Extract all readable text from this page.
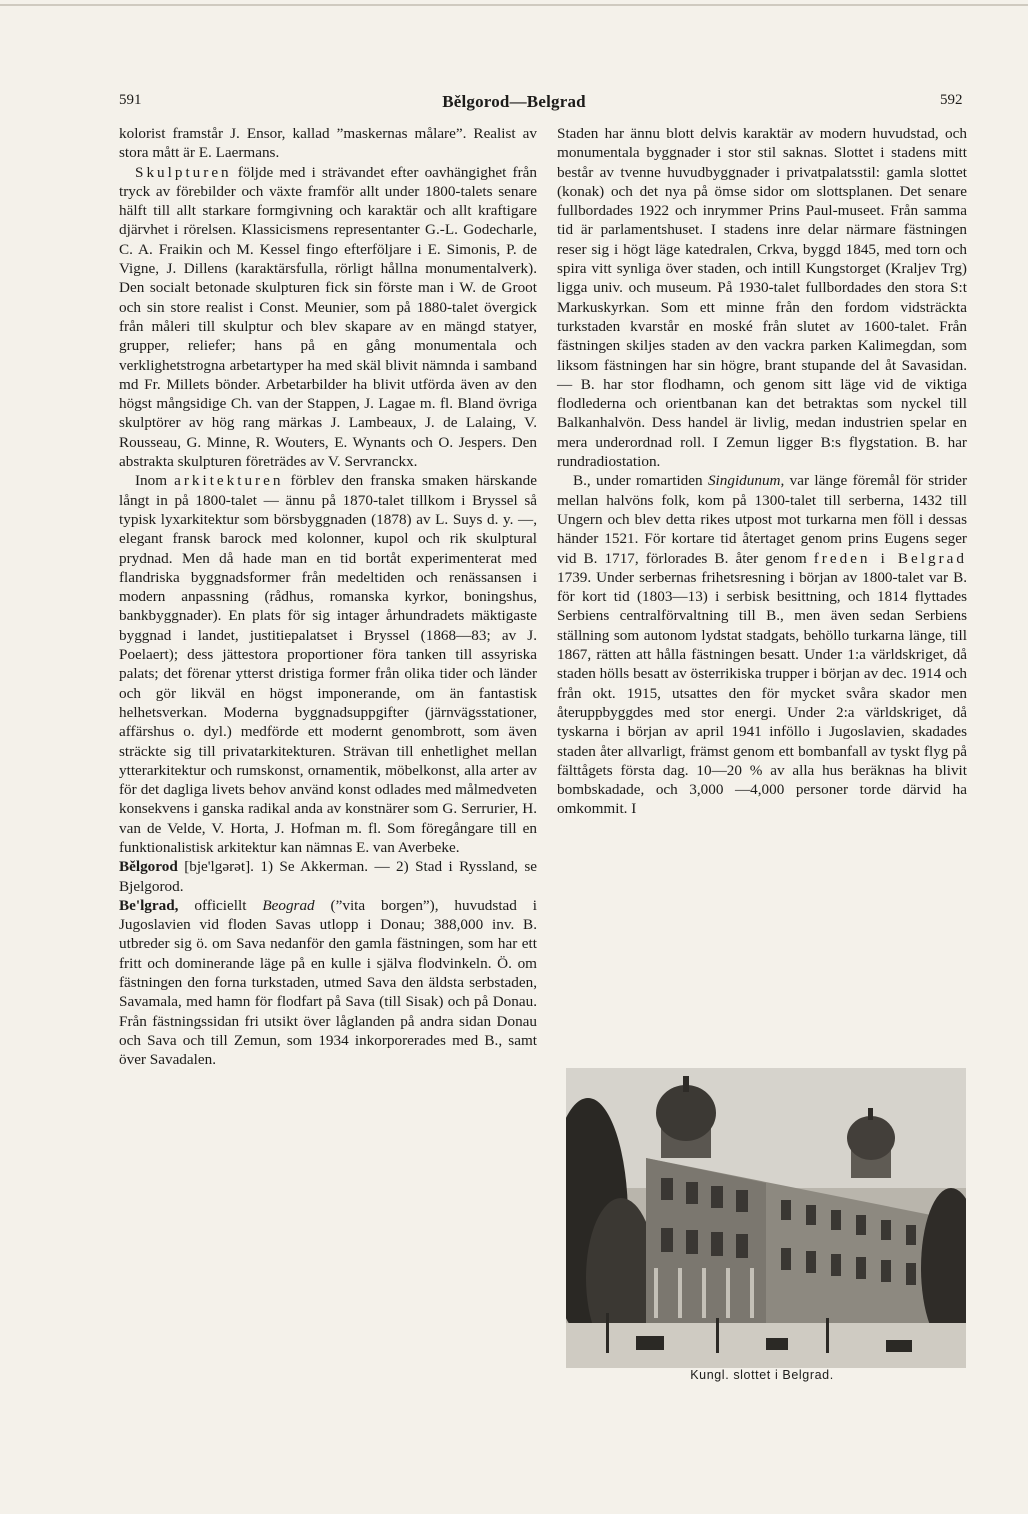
591	Bělgorod—Belgrad	592

kolorist framstår J. Ensor, kallad ”maskernas målare”. Realist av stora mått är E. Laermans.

Skulpturen följde med i strävandet efter oavhängighet från tryck av förebilder och växte framför allt under 1800-talets senare hälft till allt starkare formgivning och karaktär och allt kraftigare djärvhet i rörelsen. Klassicismens representanter G.-L. Godecharle, C. A. Fraikin och M. Kessel fingo efterföljare i E. Simonis, P. de Vigne, J. Dillens (karaktärsfulla, rörligt hållna monumentalverk). Den socialt betonade skulpturen fick sin förste man i W. de Groot och sin store realist i Const. Meunier, som på 1880-talet övergick från måleri till skulptur och blev skapare av en mängd statyer, grupper, reliefer; hans på en gång monumentala och verklighetstrogna arbetartyper ha med skäl blivit nämnda i samband md Fr. Millets bönder. Arbetarbilder ha blivit utförda även av den högst mångsidige Ch. van der Stappen, J. Lagae m. fl. Bland övriga skulptörer av hög rang märkas J. Lambeaux, J. de Lalaing, V. Rousseau, G. Minne, R. Wouters, E. Wynants och O. Jespers. Den abstrakta skulpturen företrädes av V. Servranckx.

Inom arkitekturen förblev den franska smaken härskande långt in på 1800-talet — ännu på 1870-talet tillkom i Bryssel så typisk lyxarkitektur som börsbyggnaden (1878) av L. Suys d. y. —, elegant fransk barock med kolonner, kupol och rik skulptural prydnad. Men då hade man en tid bortåt experimenterat med flandriska byggnadsformer från medeltiden och renässansen i modern anpassning (rådhus, romanska kyrkor, boningshus, bankbyggnader). En plats för sig intager århundradets mäktigaste byggnad i landet, justitiepalatset i Bryssel (1868—83; av J. Poelaert); dess jättestora proportioner föra tanken till assyriska palats; det förenar ytterst dristiga former från olika tider och länder och gör likväl en högst imponerande, om än fantastisk helhetsverkan. Moderna byggnadsuppgifter (järnvägsstationer, affärshus o. dyl.) medförde ett modernt genombrott, som även sträckte sig till privatarkitekturen. Strävan till enhetlighet mellan ytterarkitektur och rumskonst, ornamentik, möbelkonst, alla arter av för det dagliga livets behov använd konst odlades med målmedveten konsekvens i ganska radikal anda av konstnärer som G. Serrurier, H. van de Velde, V. Horta, J. Hofman m. fl. Som föregångare till en funktionalistisk arkitektur kan nämnas E. van Averbeke.

Bělgorod [bje'lgərət]. 1) Se Akkerman. — 2) Stad i Ryssland, se Bjelgorod.

Be'lgrad, officiellt Beograd (”vita borgen”), huvudstad i Jugoslavien vid floden Savas utlopp i Donau; 388,000 inv. B. utbreder sig ö. om Sava nedanför den gamla fästningen, som har ett fritt och dominerande läge på en kulle i själva flodvinkeln. Ö. om fästningen den forna turkstaden, utmed Sava den äldsta serbstaden, Savamala, med hamn för flodfart på Sava (till Sisak) och på Donau. Från fästningssidan fri utsikt över låglanden på andra sidan Donau och Sava och till Zemun, som 1934 inkorporerades med B., samt över Savadalen.

Staden har ännu blott delvis karaktär av modern huvudstad, och monumentala byggnader i stor stil saknas. Slottet i stadens mitt består av tvenne huvudbyggnader i privatpalatsstil: gamla slottet (konak) och det nya på ömse sidor om slottsplanen. Det senare fullbordades 1922 och inrymmer Prins Paul-museet. Från samma tid är parlamentshuset. I stadens inre delar närmare fästningen reser sig i högt läge katedralen, Crkva, byggd 1845, med torn och spira vitt synliga över staden, och intill Kungstorget (Kraljev Trg) ligga univ. och museum. På 1930-talet fullbordades den stora S:t Markuskyrkan. Som ett minne från den fordom vidsträckta turkstaden kvarstår en moské från slutet av 1600-talet. Från fästningen skiljes staden av den vackra parken Kalimegdan, som liksom fästningen har sin högre, brant stupande del åt Savasidan. — B. har stor flodhamn, och genom sitt läge vid de viktiga flodlederna och orientbanan kan det betraktas som nyckel till Balkanhalvön. Dess handel är livlig, medan industrien spelar en mera underordnad roll. I Zemun ligger B:s flygstation. B. har rundradiostation.

B., under romartiden Singidunum, var länge föremål för strider mellan halvöns folk, kom på 1300-talet till serberna, 1432 till Ungern och blev detta rikes utpost mot turkarna men föll i dessas händer 1521. För kortare tid återtaget genom prins Eugens seger vid B. 1717, förlorades B. åter genom freden i Belgrad 1739. Under serbernas frihetsresning i början av 1800-talet var B. för kort tid (1803—13) i serbisk besittning, och 1814 flyttades Serbiens centralförvaltning till B., men även sedan Serbiens ställning som autonom lydstat stadgats, behöllo turkarna länge, till 1867, rätten att hålla fästningen besatt. Under 1:a världskriget, då staden hölls besatt av österrikiska trupper i början av dec. 1914 och från okt. 1915, utsattes den för mycket svåra skador men återuppbyggdes med stor energi. Under 2:a världskriget, då tyskarna i början av april 1941 inföllo i Jugoslavien, skadades staden åter allvarligt, främst genom ett bombanfall av tyskt flyg på fälttågets första dag. 10—20 % av alla hus beräknas ha blivit bombskadade, och 3,000 —4,000 personer torde därvid ha omkommit. I

Kungl. slottet i Belgrad.
